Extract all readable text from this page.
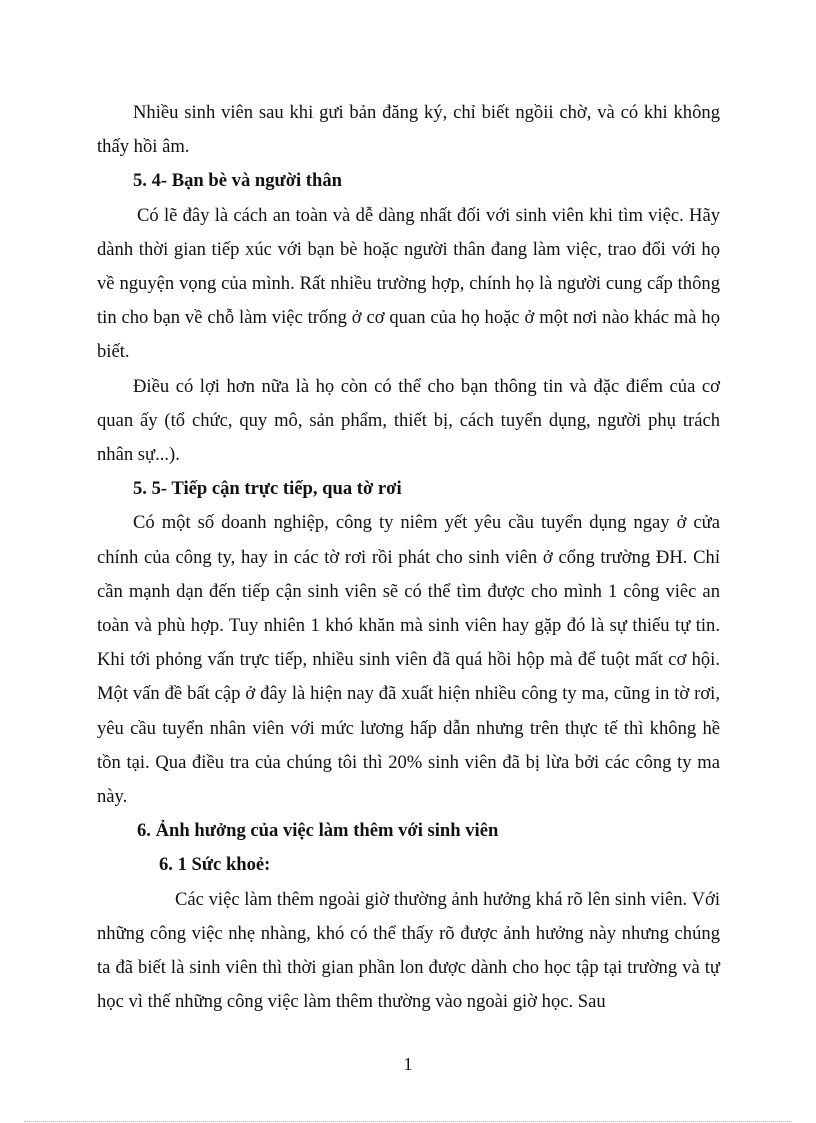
Nhiều sinh viên sau khi gưi bản đăng ký, chỉ biết ngồii chờ, và có khi không thấy hồi âm.

5. 4- Bạn bè và người thân

Có lẽ đây là cách an toàn và dễ dàng nhất đối với sinh viên khi tìm việc. Hãy dành thời gian tiếp xúc với bạn bè hoặc người thân đang làm việc, trao đổi với họ về nguyện vọng của mình. Rất nhiều trường hợp, chính họ là người cung cấp thông tin cho bạn về chỗ làm việc trống ở cơ quan của họ hoặc ở một nơi nào khác mà họ biết.

Điều có lợi hơn nữa là họ còn có thể cho bạn thông tin và đặc điểm của cơ quan ấy (tổ chức, quy mô, sản phẩm, thiết bị, cách tuyển dụng, người phụ trách nhân sự...).

5. 5- Tiếp cận trực tiếp, qua tờ rơi

Có một số doanh nghiệp, công ty niêm yết yêu cầu tuyển dụng ngay ở cửa chính của công ty, hay in các tờ rơi rồi phát cho sinh viên ở cổng trường ĐH. Chỉ cần mạnh dạn đến tiếp cận sinh viên sẽ có thể tìm được cho mình 1 công viêc an toàn và phù hợp. Tuy nhiên 1 khó khăn mà sinh viên hay gặp đó là sự thiếu tự tin. Khi tới phỏng vấn trực tiếp, nhiều sinh viên đã quá hồi hộp mà để tuột mất cơ hội. Một vấn đề bất cập ở đây là hiện nay đã xuất hiện nhiều công ty ma, cũng in tờ rơi, yêu cầu tuyển nhân viên với mức lương hấp dẫn nhưng trên thực tế thì không hề tồn tại. Qua điều tra của chúng tôi thì 20% sinh viên đã bị lừa bởi các công ty ma này.

6. Ảnh hưởng của việc làm thêm với sinh viên
6. 1 Sức khoẻ:

Các việc làm thêm ngoài giờ thường ảnh hưởng khá rõ lên sinh viên. Với những công việc nhẹ nhàng, khó có thể thấy rõ được ảnh hưởng này nhưng chúng ta đã biết là sinh viên thì thời gian phần lon được dành cho học tập tại trường và tự học vì thế những công việc làm thêm thường vào ngoài giờ học. Sau

1
